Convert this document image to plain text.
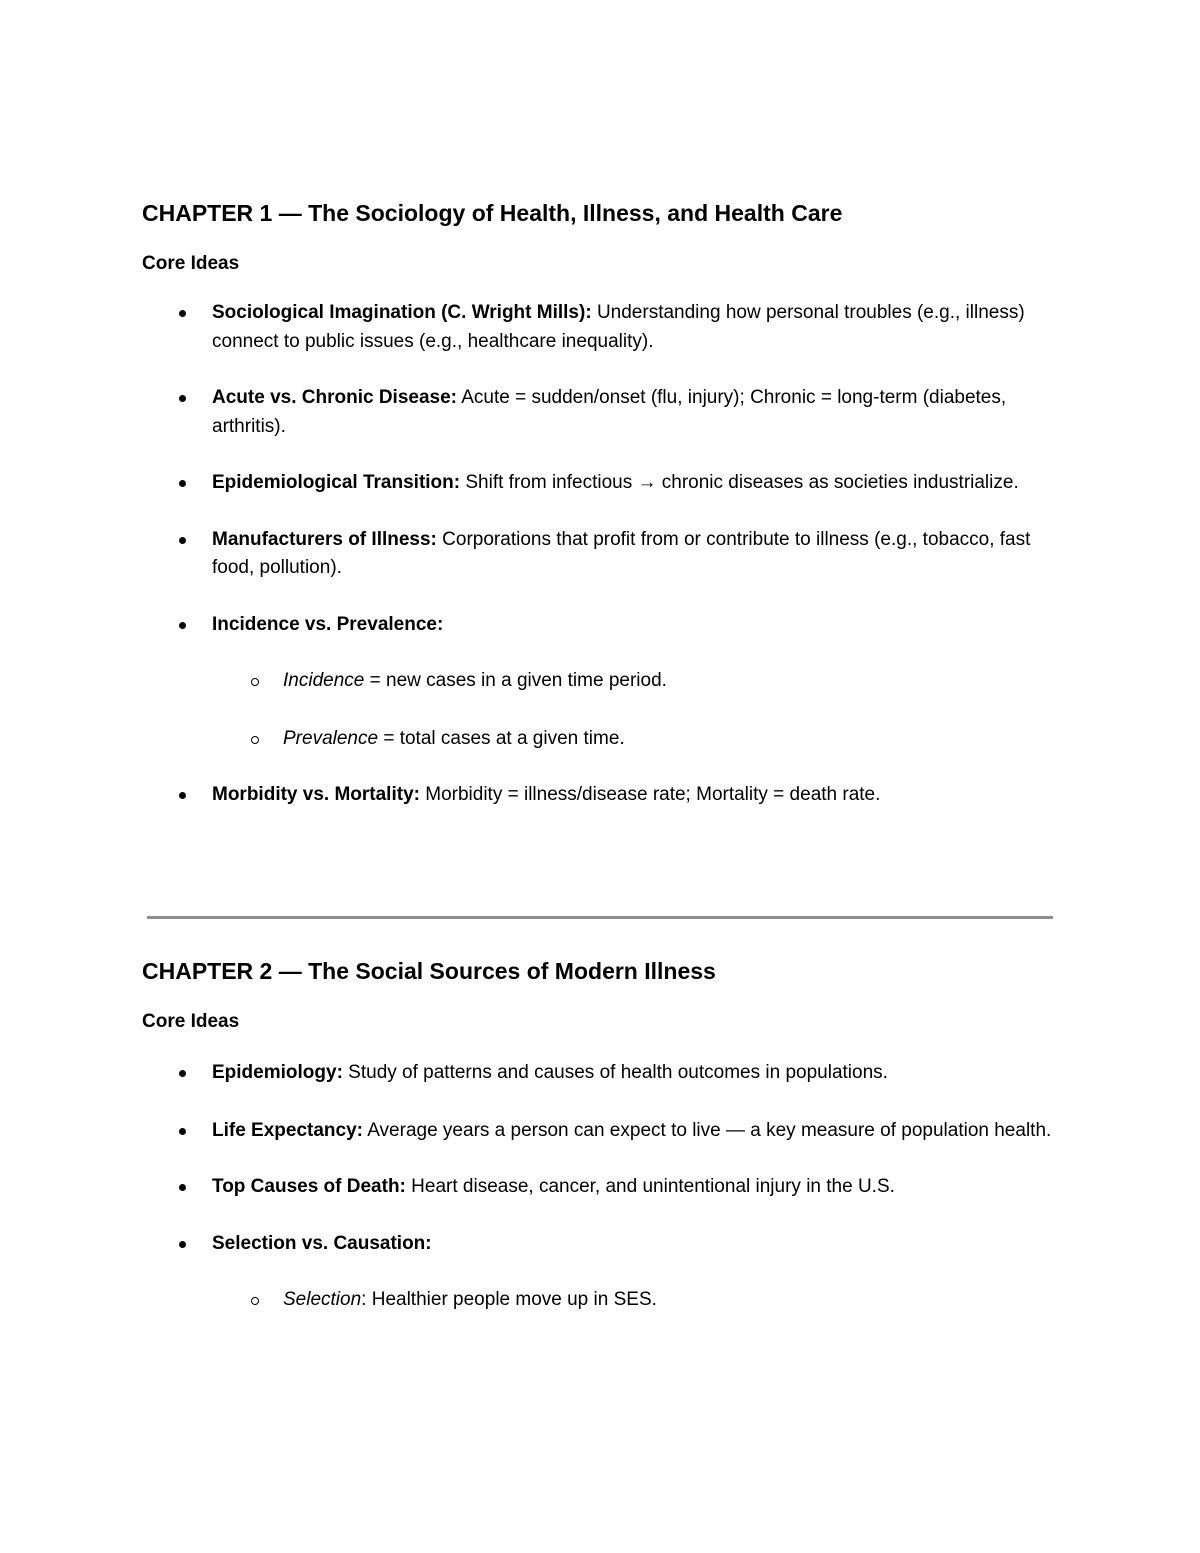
CHAPTER 1 — The Sociology of Health, Illness, and Health Care
Core Ideas
Sociological Imagination (C. Wright Mills): Understanding how personal troubles (e.g., illness) connect to public issues (e.g., healthcare inequality).
Acute vs. Chronic Disease: Acute = sudden/onset (flu, injury); Chronic = long-term (diabetes, arthritis).
Epidemiological Transition: Shift from infectious → chronic diseases as societies industrialize.
Manufacturers of Illness: Corporations that profit from or contribute to illness (e.g., tobacco, fast food, pollution).
Incidence vs. Prevalence:
Incidence = new cases in a given time period.
Prevalence = total cases at a given time.
Morbidity vs. Mortality: Morbidity = illness/disease rate; Mortality = death rate.
CHAPTER 2 — The Social Sources of Modern Illness
Core Ideas
Epidemiology: Study of patterns and causes of health outcomes in populations.
Life Expectancy: Average years a person can expect to live — a key measure of population health.
Top Causes of Death: Heart disease, cancer, and unintentional injury in the U.S.
Selection vs. Causation:
Selection: Healthier people move up in SES.
